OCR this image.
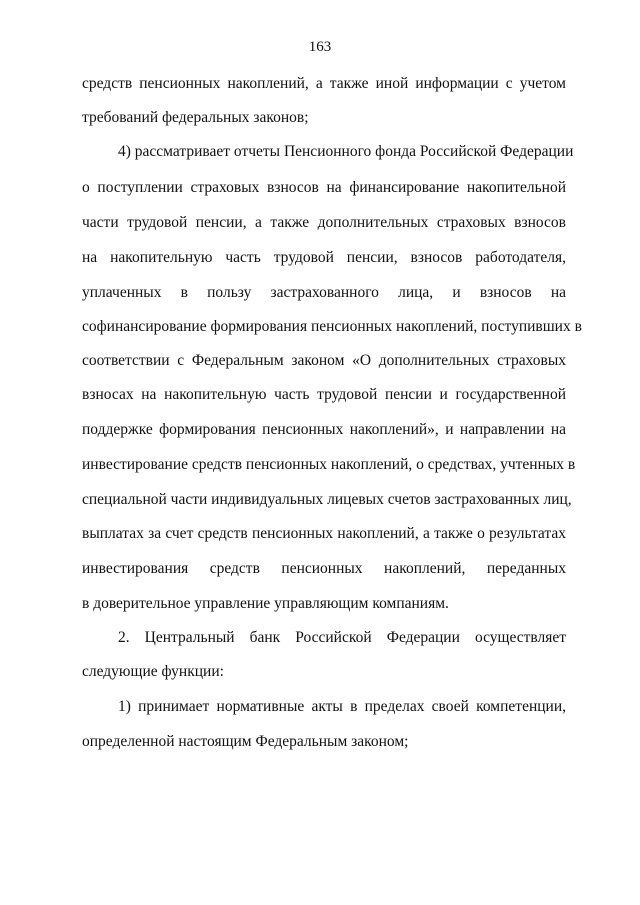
163
средств пенсионных накоплений, а также иной информации с учетом
требований федеральных законов;
4) рассматривает отчеты Пенсионного фонда Российской Федерации
о поступлении страховых взносов на финансирование накопительной
части трудовой пенсии, а также дополнительных страховых взносов
на накопительную часть трудовой пенсии, взносов работодателя,
уплаченных в пользу застрахованного лица, и взносов на
софинансирование формирования пенсионных накоплений, поступивших в
соответствии с Федеральным законом «О дополнительных страховых
взносах на накопительную часть трудовой пенсии и государственной
поддержке формирования пенсионных накоплений», и направлении на
инвестирование средств пенсионных накоплений, о средствах, учтенных в
специальной части индивидуальных лицевых счетов застрахованных лиц,
выплатах за счет средств пенсионных накоплений, а также о результатах
инвестирования средств пенсионных накоплений, переданных
в доверительное управление управляющим компаниям.
2. Центральный банк Российской Федерации осуществляет
следующие функции:
1) принимает нормативные акты в пределах своей компетенции,
определенной настоящим Федеральным законом;
